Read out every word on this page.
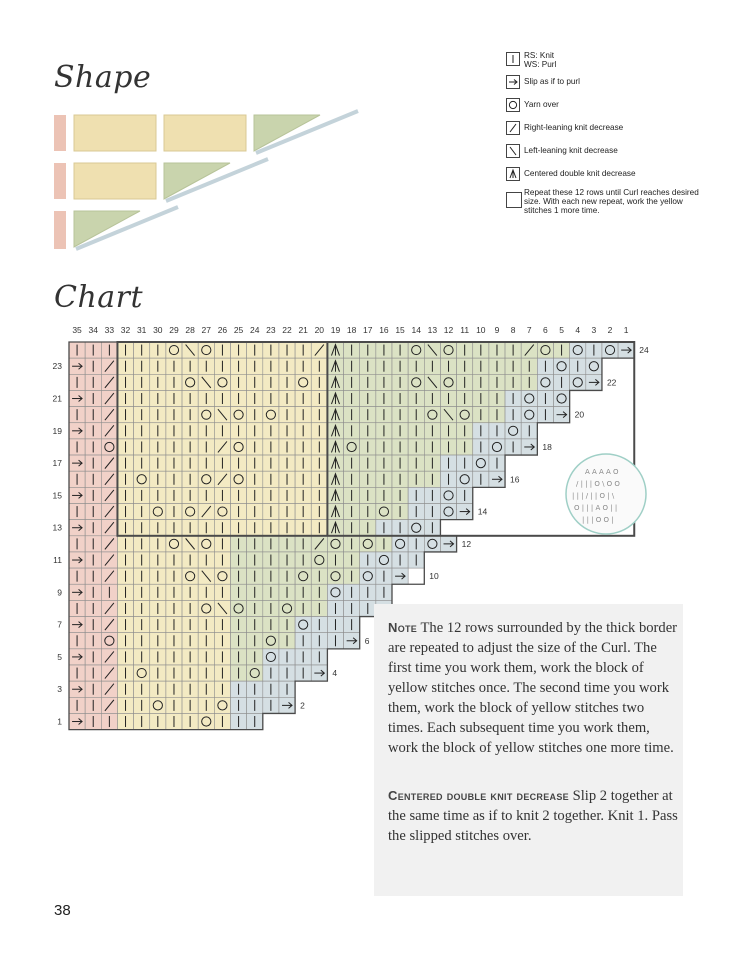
Shape
Chart
RS: Knit
WS: Purl
Slip as if to purl
Yarn over
Right-leaning knit decrease
Left-leaning knit decrease
Centered double knit decrease
Repeat these 12 rows until Curl reaches desired size. With each new repeat, work the yellow stitches 1 more time.
35 34 33 32 31 30 29 28 27 26 25 24 23 22 21 20 19 18 17 16 15 14 13 12 11 10 9 8 7 6 5 4 3 2 1
23
21
19
17
15
13
11
9
7
5
3
1
24
22
20
18
16
14
12
10
6
4
2
A A A A O
/ | | | O \ O O
| | | / | | O | \
O | | | A O | |
| | | O O |

Note The 12 rows surrounded by the thick border are repeated to adjust the size of the Curl. The first time you work them, work the block of yellow stitches once. The second time you work them, work the block of yellow stitches two times. Each subsequent time you work them, work the block of yellow stitches one more time.

Centered double knit decrease Slip 2 together at the same time as if to knit 2 together. Knit 1. Pass the slipped stitches over.

38
